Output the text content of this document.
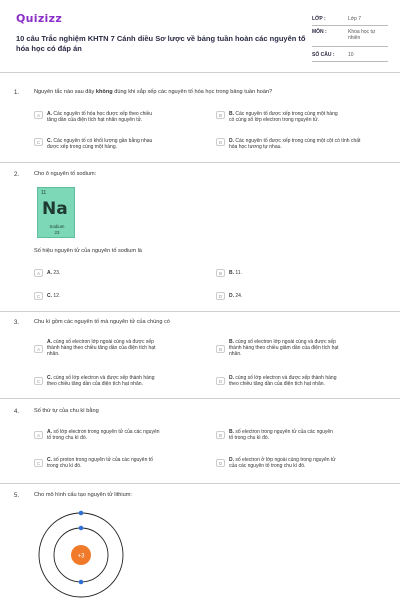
Quizizz
10 câu Trắc nghiệm KHTN 7 Cánh diều Sơ lược về bảng tuần hoàn các nguyên tố hóa học có đáp án
LỚP :	Lớp 7
MÔN :	Khoa học tự nhiên
SỐ CÂU :	10
1.	Nguyên tắc nào sau đây không đúng khi sắp xếp các nguyên tố hóa học trong bảng tuần hoàn?
A	A. Các nguyên tố hóa học được xếp theo chiều
tăng dần của điện tích hạt nhân nguyên tử.
B	B. Các nguyên tố được xếp trong cùng một hàng
có cùng số lớp electron trong nguyên tử.
C	C. Các nguyên tố có khối lượng gần bằng nhau
được xếp trong cùng một hàng.
D	D. Các nguyên tố được xếp trong cùng một cột có tính chất
hóa học tương tự nhau.
2.	Cho ô nguyên tố sodium:
11
Na
Sodium
23
Số hiệu nguyên tử của nguyên tố sodium là
A	A. 23.	B	B. 11.
C	C. 12.	D	D. 24.
3.	Chu kì gồm các nguyên tố mà nguyên tử của chúng có
A
A. cùng số electron lớp ngoài cùng và được xếp
thành hàng theo chiều tăng dần của điện tích hạt
nhân.
B
B. cùng số electron lớp ngoài cùng và được xếp
thành hàng theo chiều giảm dần của điện tích hạt
nhân.
C
C. cùng số lớp electron và được xếp thành hàng
theo chiều tăng dần của điện tích hạt nhân.	D
D. cùng số lớp electron và được xếp thành hàng
theo chiều tăng dần của điện tích hạt nhân.
4.	Số thứ tự của chu kì bằng
A
A. số lớp electron trong nguyên tử của các nguyên
tố trong chu kì đó.	B
B. số electron trong nguyên tử của các nguyên
tố trong chu kì đó.
C
C. số proton trong nguyên tử của các nguyên tố
trong chu kì đó.	D
D. số electron ở lớp ngoài cùng trong nguyên tử
của các nguyên tố trong chu kì đó.
5.	Cho mô hình cấu tạo nguyên tử lithium:
+3
